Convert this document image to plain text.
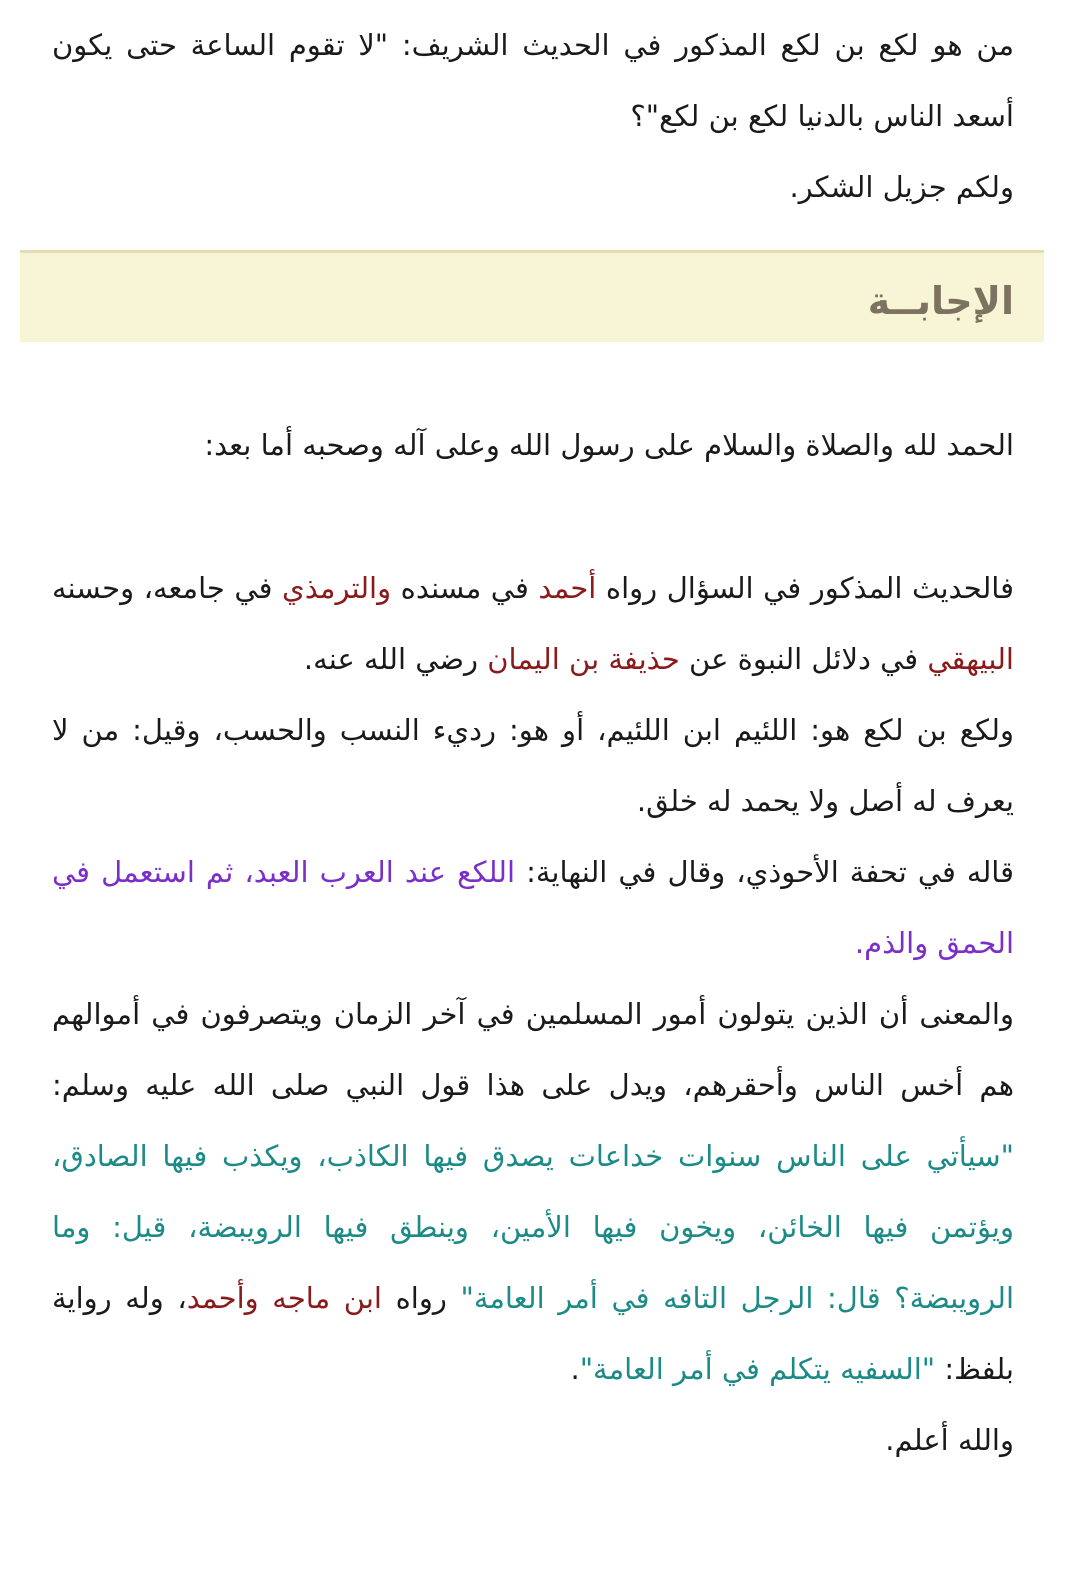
من هو لكع بن لكع المذكور في الحديث الشريف: "لا تقوم الساعة حتى يكون أسعد الناس بالدنيا لكع بن لكع"؟

ولكم جزيل الشكر.

الإجابــة

الحمد لله والصلاة والسلام على رسول الله وعلى آله وصحبه أما بعد:

فالحديث المذكور في السؤال رواه أحمد في مسنده والترمذي في جامعه، وحسنه البيهقي في دلائل النبوة عن حذيفة بن اليمان رضي الله عنه.

ولكع بن لكع هو: اللئيم ابن اللئيم، أو هو: رديء النسب والحسب، وقيل: من لا يعرف له أصل ولا يحمد له خلق.

قاله في تحفة الأحوذي، وقال في النهاية: اللكع عند العرب العبد، ثم استعمل في الحمق والذم.

والمعنى أن الذين يتولون أمور المسلمين في آخر الزمان ويتصرفون في أموالهم هم أخس الناس وأحقرهم، ويدل على هذا قول النبي صلى الله عليه وسلم: "سيأتي على الناس سنوات خداعات يصدق فيها الكاذب، ويكذب فيها الصادق، ويؤتمن فيها الخائن، ويخون فيها الأمين، وينطق فيها الرويبضة، قيل: وما الرويبضة؟ قال: الرجل التافه في أمر العامة" رواه ابن ماجه وأحمد، وله رواية بلفظ: "السفيه يتكلم في أمر العامة".

والله أعلم.
